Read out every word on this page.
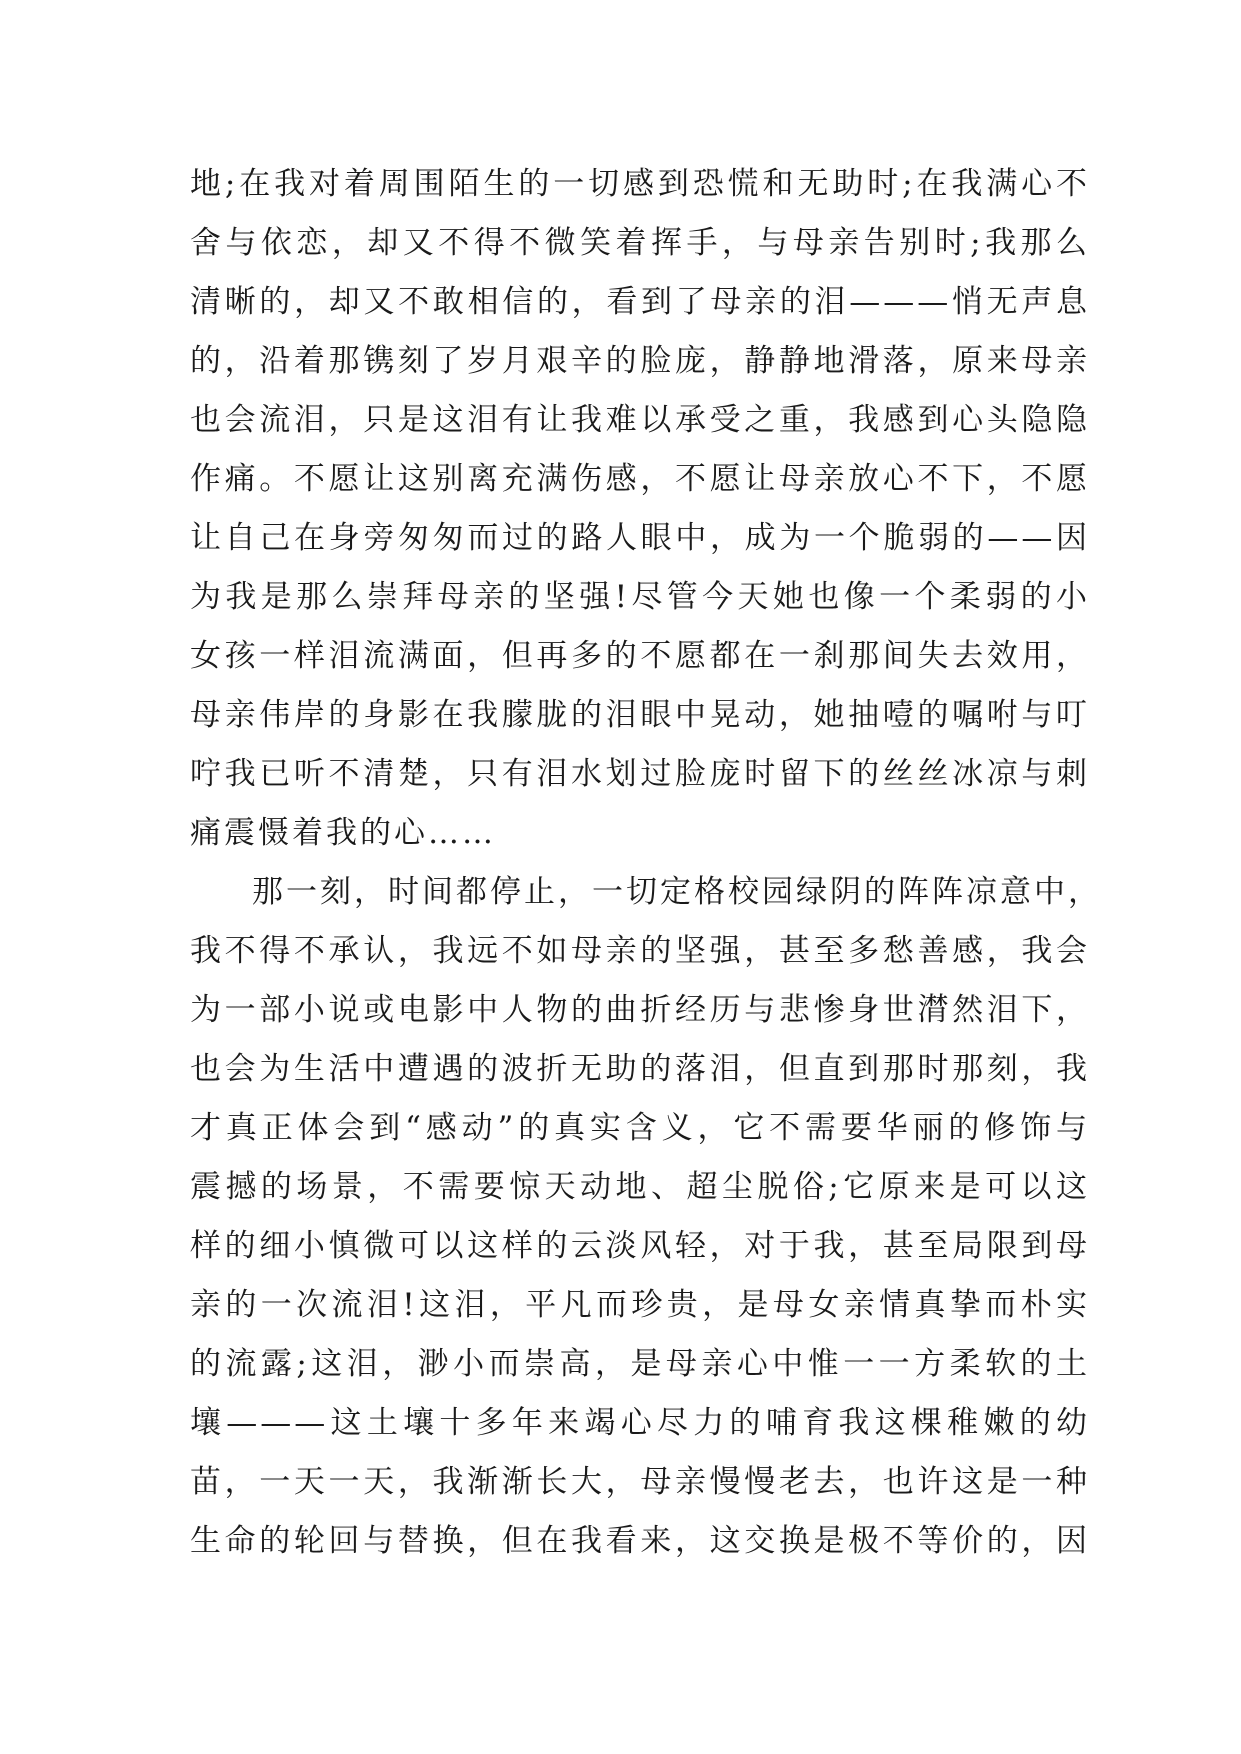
地;在我对着周围陌生的一切感到恐慌和无助时;在我满心不
舍与依恋，却又不得不微笑着挥手，与母亲告别时;我那么
清晰的，却又不敢相信的，看到了母亲的泪———悄无声息
的，沿着那镌刻了岁月艰辛的脸庞，静静地滑落，原来母亲
也会流泪，只是这泪有让我难以承受之重，我感到心头隐隐
作痛。不愿让这别离充满伤感，不愿让母亲放心不下，不愿
让自己在身旁匆匆而过的路人眼中，成为一个脆弱的——因
为我是那么崇拜母亲的坚强!尽管今天她也像一个柔弱的小
女孩一样泪流满面，但再多的不愿都在一刹那间失去效用，
母亲伟岸的身影在我朦胧的泪眼中晃动，她抽噎的嘱咐与叮
咛我已听不清楚，只有泪水划过脸庞时留下的丝丝冰凉与刺
痛震慑着我的心……
那一刻，时间都停止，一切定格校园绿阴的阵阵凉意中，
我不得不承认，我远不如母亲的坚强，甚至多愁善感，我会
为一部小说或电影中人物的曲折经历与悲惨身世潸然泪下，
也会为生活中遭遇的波折无助的落泪，但直到那时那刻，我
才真正体会到“感动”的真实含义，它不需要华丽的修饰与
震撼的场景，不需要惊天动地、超尘脱俗;它原来是可以这
样的细小慎微可以这样的云淡风轻，对于我，甚至局限到母
亲的一次流泪!这泪，平凡而珍贵，是母女亲情真挚而朴实
的流露;这泪，渺小而崇高，是母亲心中惟一一方柔软的土
壤———这土壤十多年来竭心尽力的哺育我这棵稚嫩的幼
苗，一天一天，我渐渐长大，母亲慢慢老去，也许这是一种
生命的轮回与替换，但在我看来，这交换是极不等价的，因
